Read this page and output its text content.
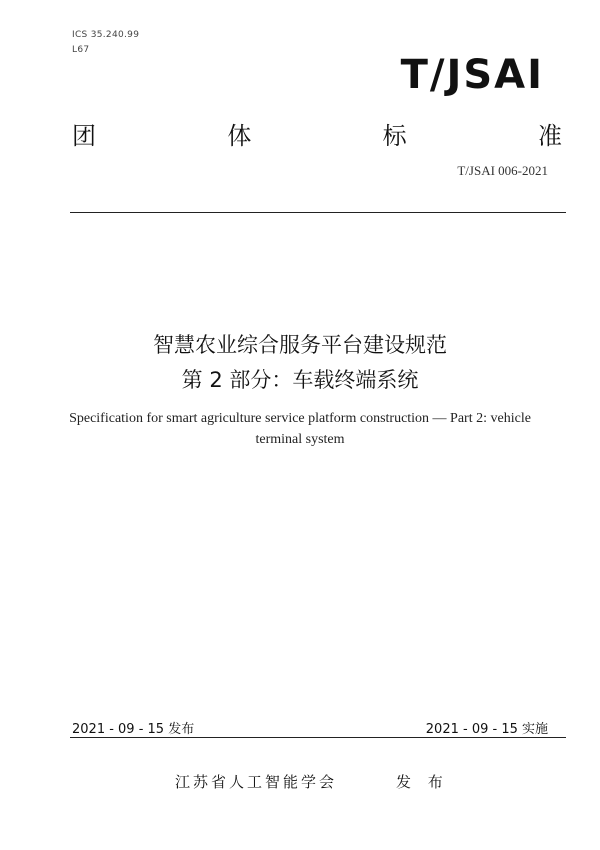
ICS 35.240.99
L67
T/JSAI
团	体	标	准
T/JSAI 006-2021
智慧农业综合服务平台建设规范
第 2 部分：车载终端系统
Specification for smart agriculture service platform construction — Part 2: vehicle
terminal system
2021 - 09 - 15 发布	2021 - 09 - 15 实施
江苏省人工智能学会	发 布
